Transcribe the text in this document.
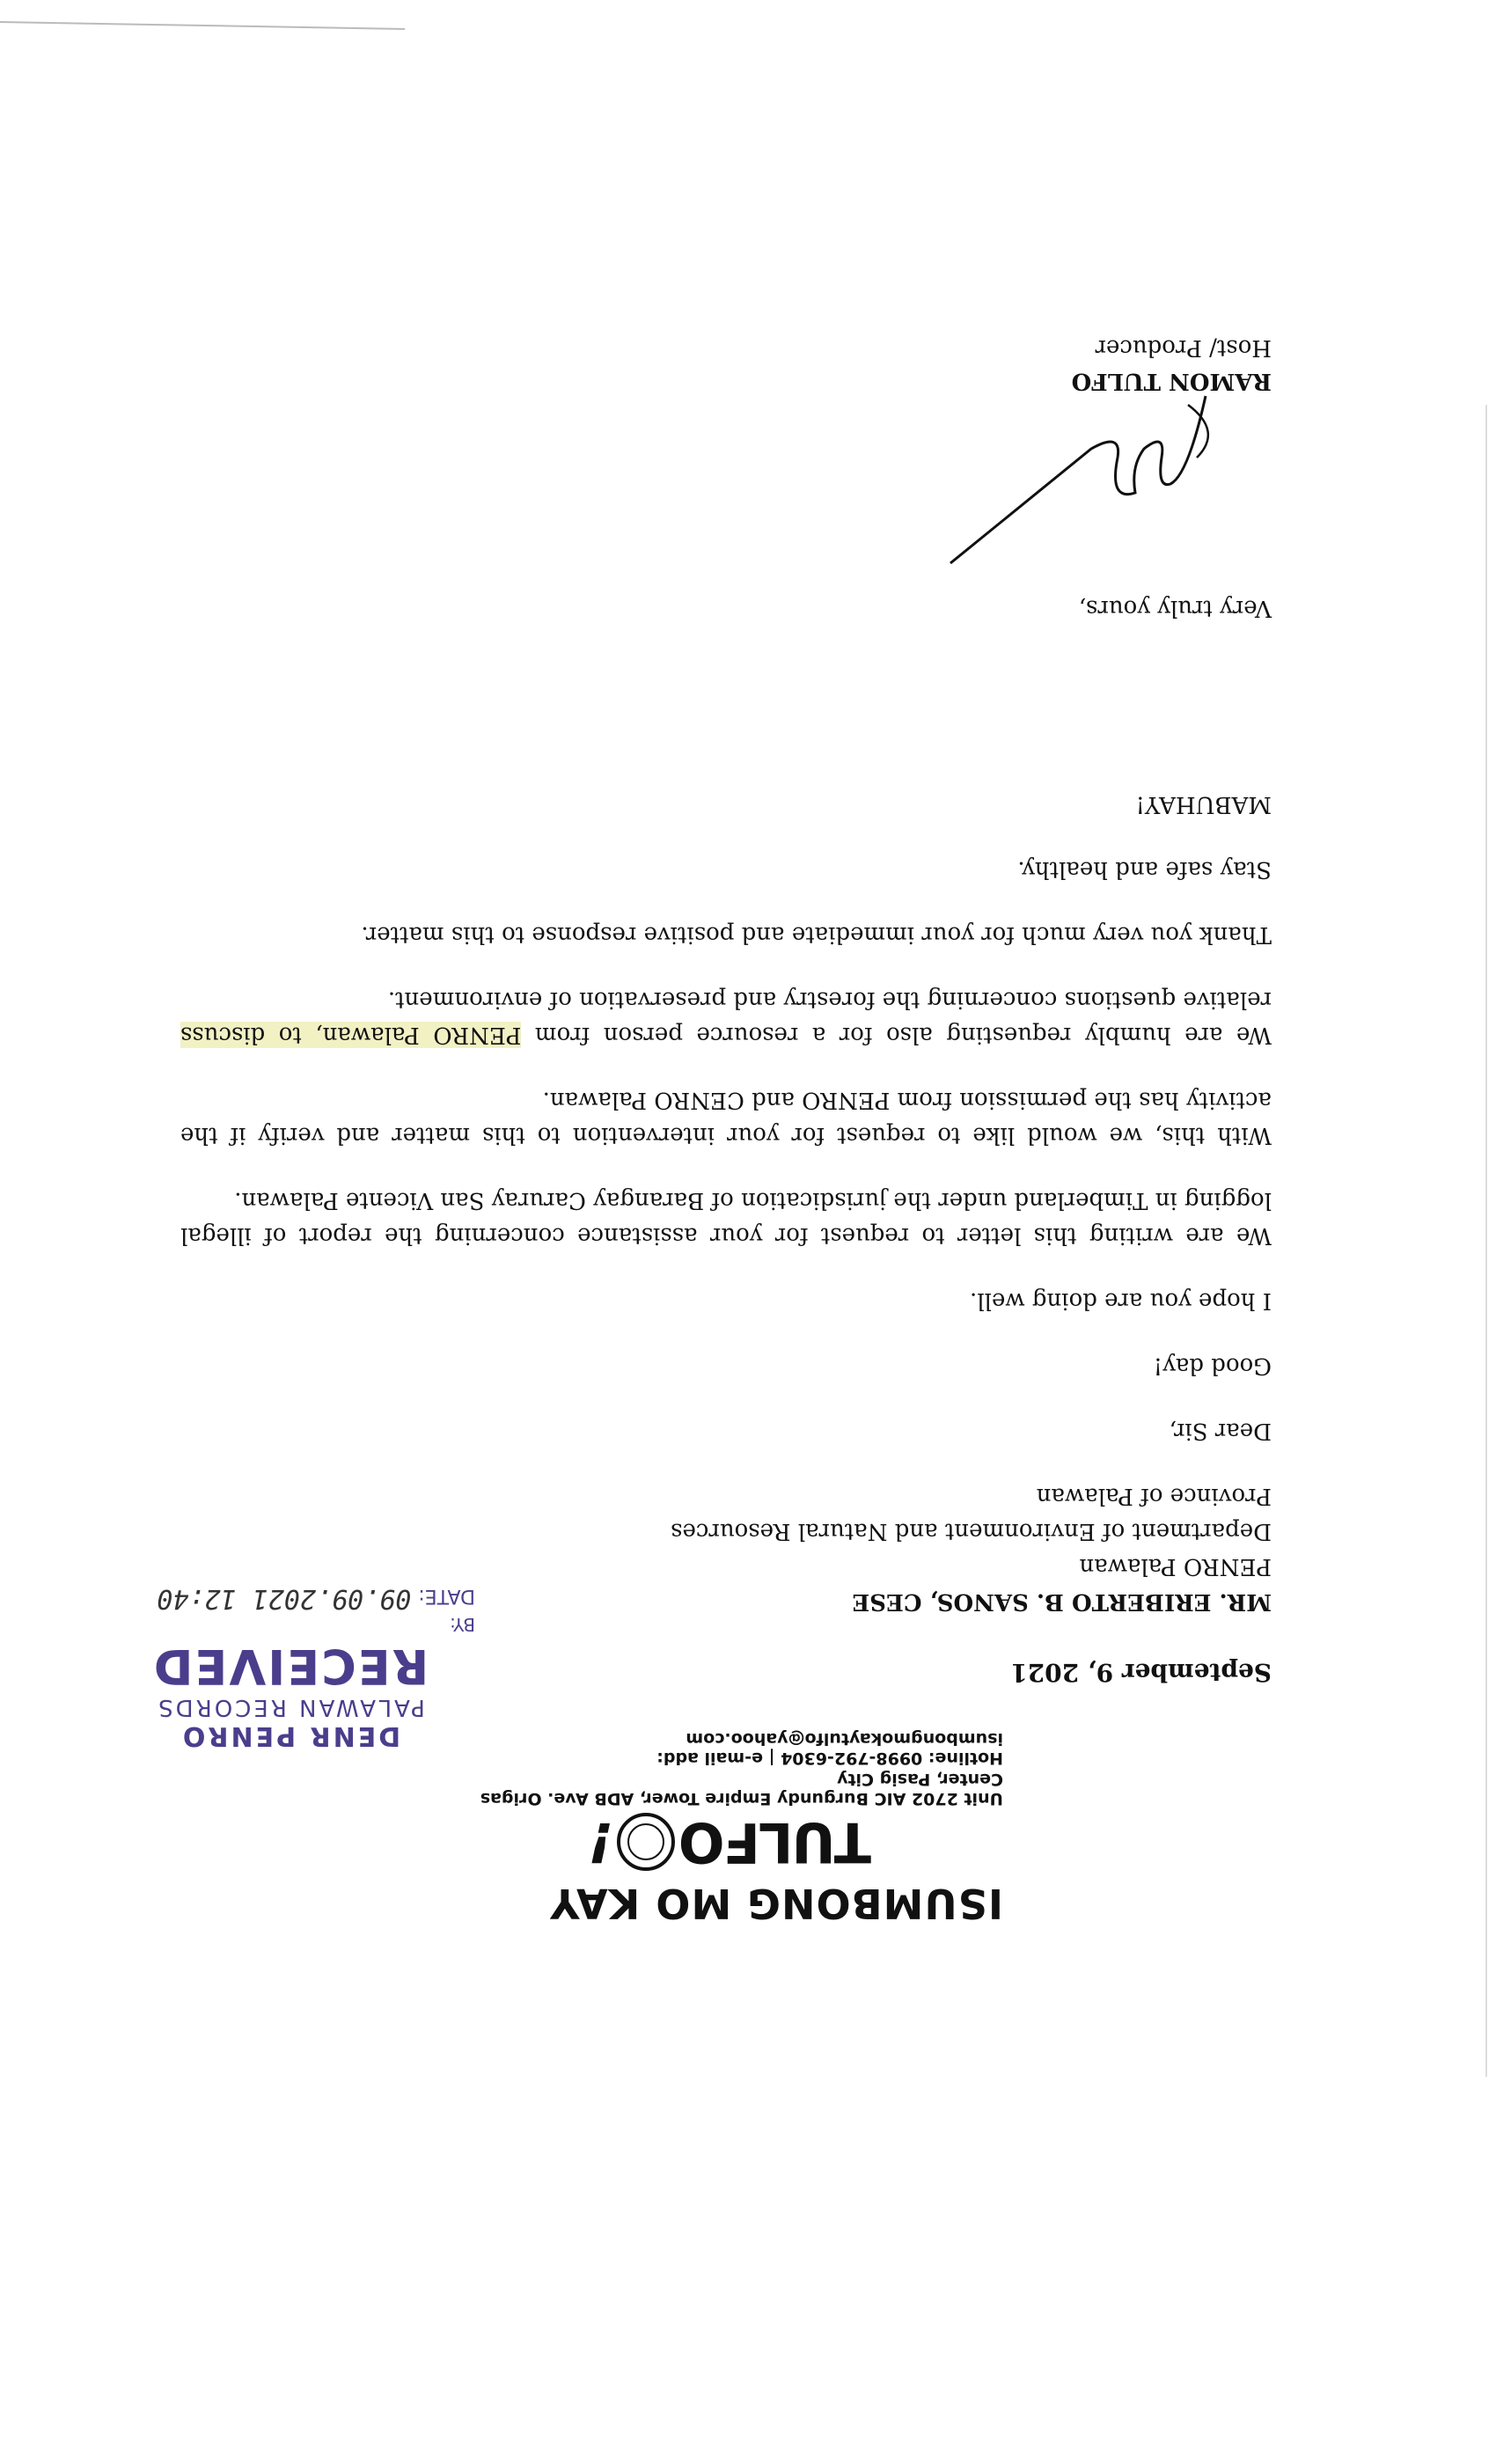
ISUMBONG MO KAY
TULFO
!
Unit 2702 AIC Burgundy Empire Tower, ADB Ave. Origas Center, Pasig City
Hotline: 0998-792-6304 | e-mail add: isumbongmokaytulfo@yahoo.com
DENR PENRO
PALAWAN RECORDS
RECEIVED
BY:
DATE:
09.09.2021 12:40
September 9, 2021
MR. ERIBERTO B. SANOS, CESE
PENRO Palawan
Department of Environment and Natural Resources
Province of Palawan
Dear Sir,
Good day!
I hope you are doing well.
We are writing this letter to request for your assistance concerning the report of illegal logging in Timberland under the jurisdication of Barangay Caruray San Vicente Palawan.
With this, we would like to request for your intervention to this matter and verify if the activity has the permission from PENRO and CENRO Palawan.
We are humbly requesting also for a resource person from PENRO Palawan, to discuss relative questions concerning the forestry and preservation of environment.
Thank you very much for your immediate and positive response to this matter.
Stay safe and healthy.
MABUHAY!
Very truly yours,
RAMON TULFO
Host/ Producer
